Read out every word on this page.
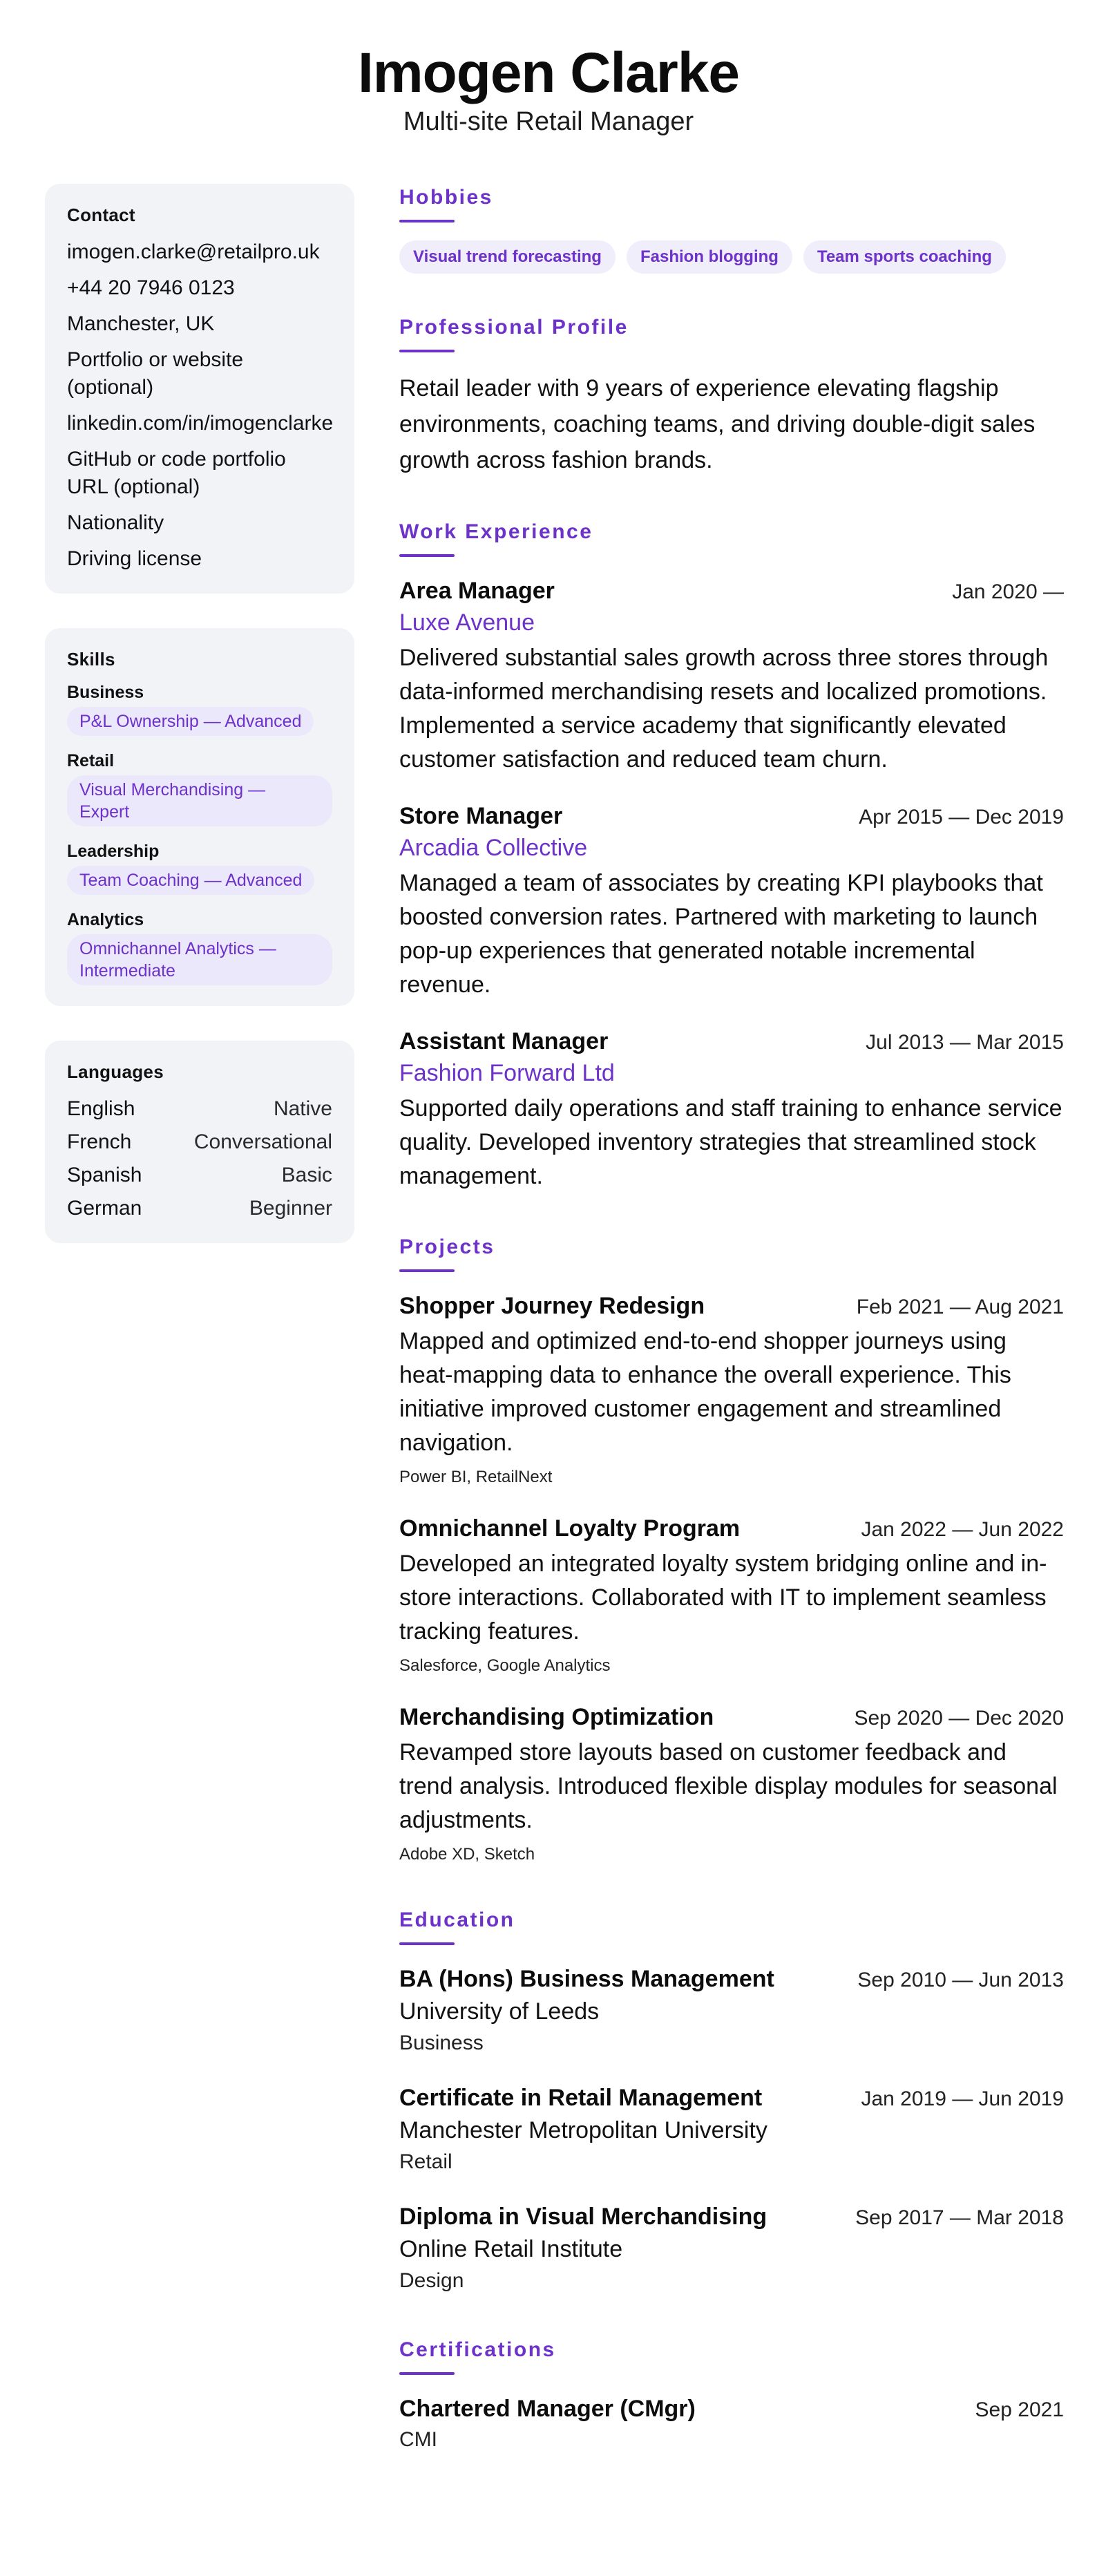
Imogen Clarke
Multi-site Retail Manager
Contact
imogen.clarke@retailpro.uk
+44 20 7946 0123
Manchester, UK
Portfolio or website (optional)
linkedin.com/in/imogenclarke
GitHub or code portfolio URL (optional)
Nationality
Driving license
Skills
Business
P&L Ownership — Advanced
Retail
Visual Merchandising — Expert
Leadership
Team Coaching — Advanced
Analytics
Omnichannel Analytics — Intermediate
Languages
English	Native
French	Conversational
Spanish	Basic
German	Beginner
Hobbies
Visual trend forecasting	Fashion blogging	Team sports coaching
Professional Profile
Retail leader with 9 years of experience elevating flagship environments, coaching teams, and driving double-digit sales growth across fashion brands.
Work Experience
Area Manager	Jan 2020 —
Luxe Avenue
Delivered substantial sales growth across three stores through data-informed merchandising resets and localized promotions. Implemented a service academy that significantly elevated customer satisfaction and reduced team churn.
Store Manager	Apr 2015 — Dec 2019
Arcadia Collective
Managed a team of associates by creating KPI playbooks that boosted conversion rates. Partnered with marketing to launch pop-up experiences that generated notable incremental revenue.
Assistant Manager	Jul 2013 — Mar 2015
Fashion Forward Ltd
Supported daily operations and staff training to enhance service quality. Developed inventory strategies that streamlined stock management.
Projects
Shopper Journey Redesign	Feb 2021 — Aug 2021
Mapped and optimized end-to-end shopper journeys using heat-mapping data to enhance the overall experience. This initiative improved customer engagement and streamlined navigation.
Power BI, RetailNext
Omnichannel Loyalty Program	Jan 2022 — Jun 2022
Developed an integrated loyalty system bridging online and in-store interactions. Collaborated with IT to implement seamless tracking features.
Salesforce, Google Analytics
Merchandising Optimization	Sep 2020 — Dec 2020
Revamped store layouts based on customer feedback and trend analysis. Introduced flexible display modules for seasonal adjustments.
Adobe XD, Sketch
Education
BA (Hons) Business Management	Sep 2010 — Jun 2013
University of Leeds
Business
Certificate in Retail Management	Jan 2019 — Jun 2019
Manchester Metropolitan University
Retail
Diploma in Visual Merchandising	Sep 2017 — Mar 2018
Online Retail Institute
Design
Certifications
Chartered Manager (CMgr)	Sep 2021
CMI
